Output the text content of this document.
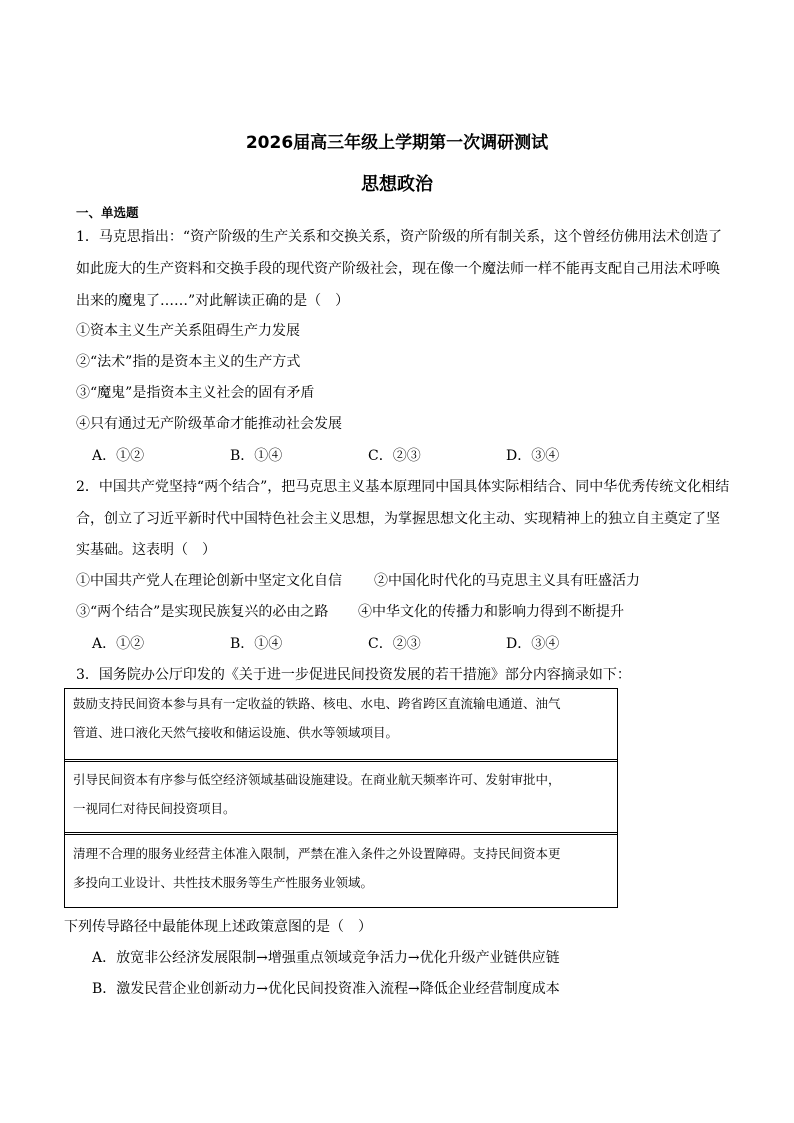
2026届高三年级上学期第一次调研测试
思想政治
一、单选题
1．马克思指出：“资产阶级的生产关系和交换关系，资产阶级的所有制关系，这个曾经仿佛用法术创造了
如此庞大的生产资料和交换手段的现代资产阶级社会，现在像一个魔法师一样不能再支配自己用法术呼唤
出来的魔鬼了……”对此解读正确的是（　）
①资本主义生产关系阻碍生产力发展
②“法术”指的是资本主义的生产方式
③“魔鬼”是指资本主义社会的固有矛盾
④只有通过无产阶级革命才能推动社会发展
A．①②	B．①④	C．②③	D．③④
2．中国共产党坚持“两个结合”，把马克思主义基本原理同中国具体实际相结合、同中华优秀传统文化相结
合，创立了习近平新时代中国特色社会主义思想，为掌握思想文化主动、实现精神上的独立自主奠定了坚
实基础。这表明（　）
①中国共产党人在理论创新中坚定文化自信 ②中国化时代化的马克思主义具有旺盛活力
③“两个结合”是实现民族复兴的必由之路 ④中华文化的传播力和影响力得到不断提升
A．①②	B．①④	C．②③	D．③④
3．国务院办公厅印发的《关于进一步促进民间投资发展的若干措施》部分内容摘录如下：
鼓励支持民间资本参与具有一定收益的铁路、核电、水电、跨省跨区直流输电通道、油气
管道、进口液化天然气接收和储运设施、供水等领域项目。
引导民间资本有序参与低空经济领域基础设施建设。在商业航天频率许可、发射审批中，
一视同仁对待民间投资项目。
清理不合理的服务业经营主体准入限制，严禁在准入条件之外设置障碍。支持民间资本更
多投向工业设计、共性技术服务等生产性服务业领域。
下列传导路径中最能体现上述政策意图的是（　）
A．放宽非公经济发展限制→增强重点领域竞争活力→优化升级产业链供应链
B．激发民营企业创新动力→优化民间投资准入流程→降低企业经营制度成本
